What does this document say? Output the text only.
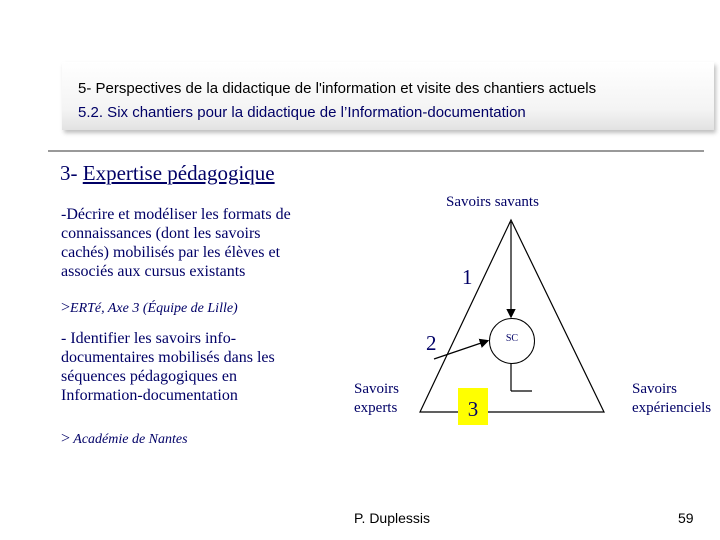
5- Perspectives de la didactique de l'information et visite des chantiers actuels
5.2. Six chantiers pour la didactique de l’Information-documentation
3- Expertise pédagogique
-Décrire et modéliser les formats de connaissances (dont les savoirs cachés) mobilisés par les élèves et associés aux cursus existants
>ERTé, Axe 3 (Équipe de Lille)
- Identifier les savoirs info-documentaires mobilisés dans les séquences pédagogiques en Information-documentation
> Académie de Nantes
SC
Savoirs savants
Savoirs experts
Savoirs expérienciels
1
2
3
P. Duplessis	59
